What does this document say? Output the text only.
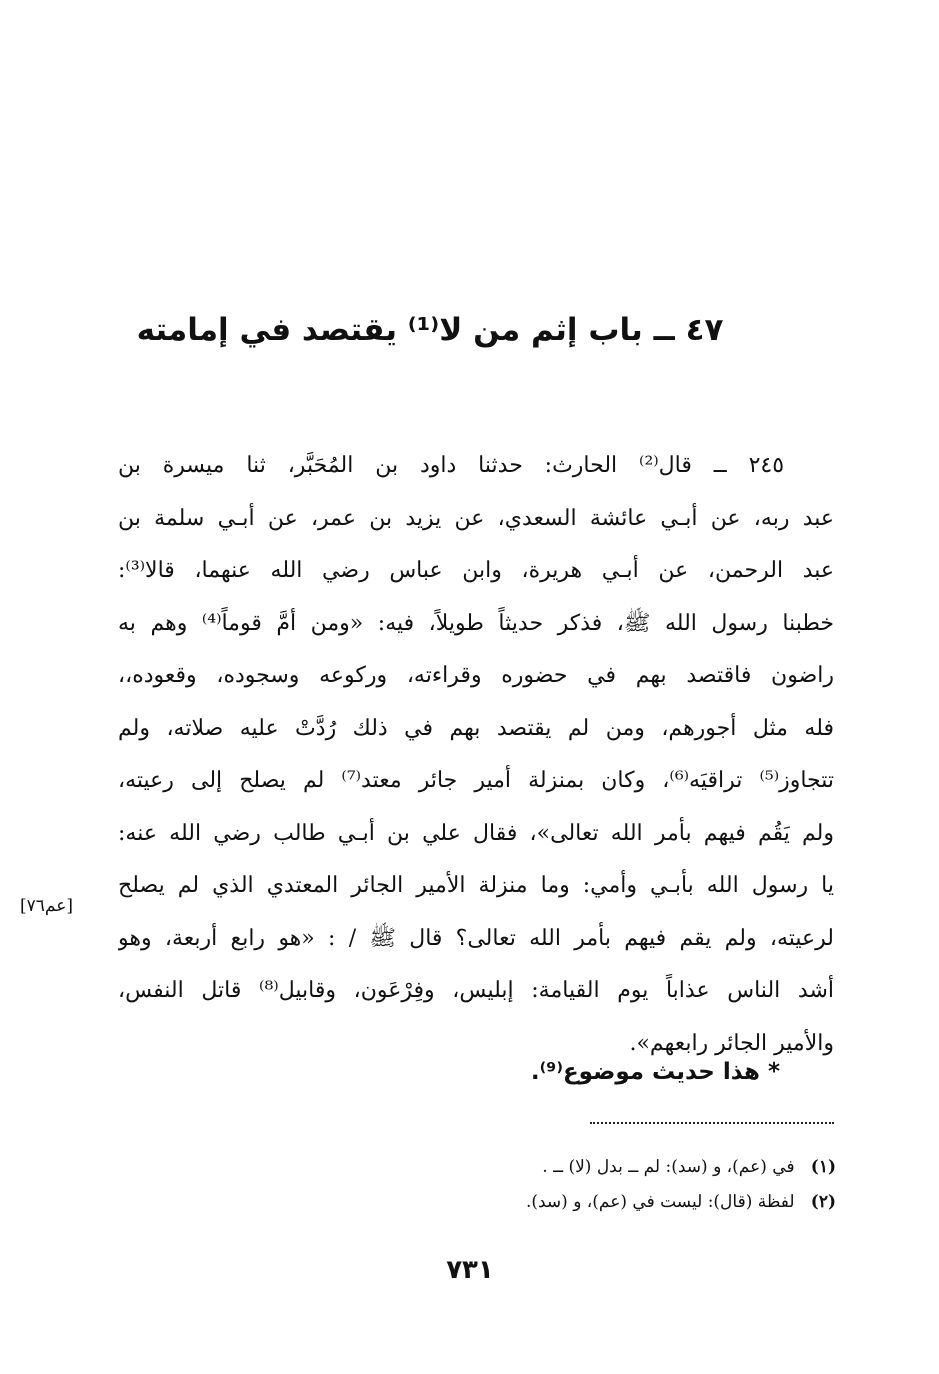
٤٧ ــ باب إثم من لا⁽¹⁾ يقتصد في إمامته
٢٤٥ ــ قال⁽²⁾ الحارث: حدثنا داود بن المُحَبَّر، ثنا ميسرة بن
عبد ربه، عن أبـي عائشة السعدي، عن يزيد بن عمر، عن أبـي سلمة بن
عبد الرحمن، عن أبـي هريرة، وابن عباس رضي الله عنهما، قالا⁽³⁾:
خطبنا رسول الله ﷺ، فذكر حديثاً طويلاً، فيه: «ومن أمَّ قوماً⁽⁴⁾ وهم به
راضون فاقتصد بهم في حضوره وقراءته، وركوعه وسجوده، وقعوده،،
فله مثل أجورهم، ومن لم يقتصد بهم في ذلك رُدَّتْ عليه صلاته، ولم
تتجاوز⁽⁵⁾ تراقيَه⁽⁶⁾، وكان بمنزلة أمير جائر معتد⁽⁷⁾ لم يصلح إلى رعيته،
ولم يَقُم فيهم بأمر الله تعالى»، فقال علي بن أبـي طالب رضي الله عنه:
يا رسول الله بأبـي وأمي: وما منزلة الأمير الجائر المعتدي الذي لم يصلح
لرعيته، ولم يقم فيهم بأمر الله تعالى؟ قال ﷺ / : «هو رابع أربعة، وهو
أشد الناس عذاباً يوم القيامة: إبليس، وفِرْعَون، وقابيل⁽⁸⁾ قاتل النفس،
والأمير الجائر رابعهم».
[عم٧٦]
* هذا حديث موضوع⁽⁹⁾.
(١) في (عم)، و (سد): لم ــ بدل (لا) ــ .
(٢) لفظة (قال): ليست في (عم)، و (سد).
٧٣١
